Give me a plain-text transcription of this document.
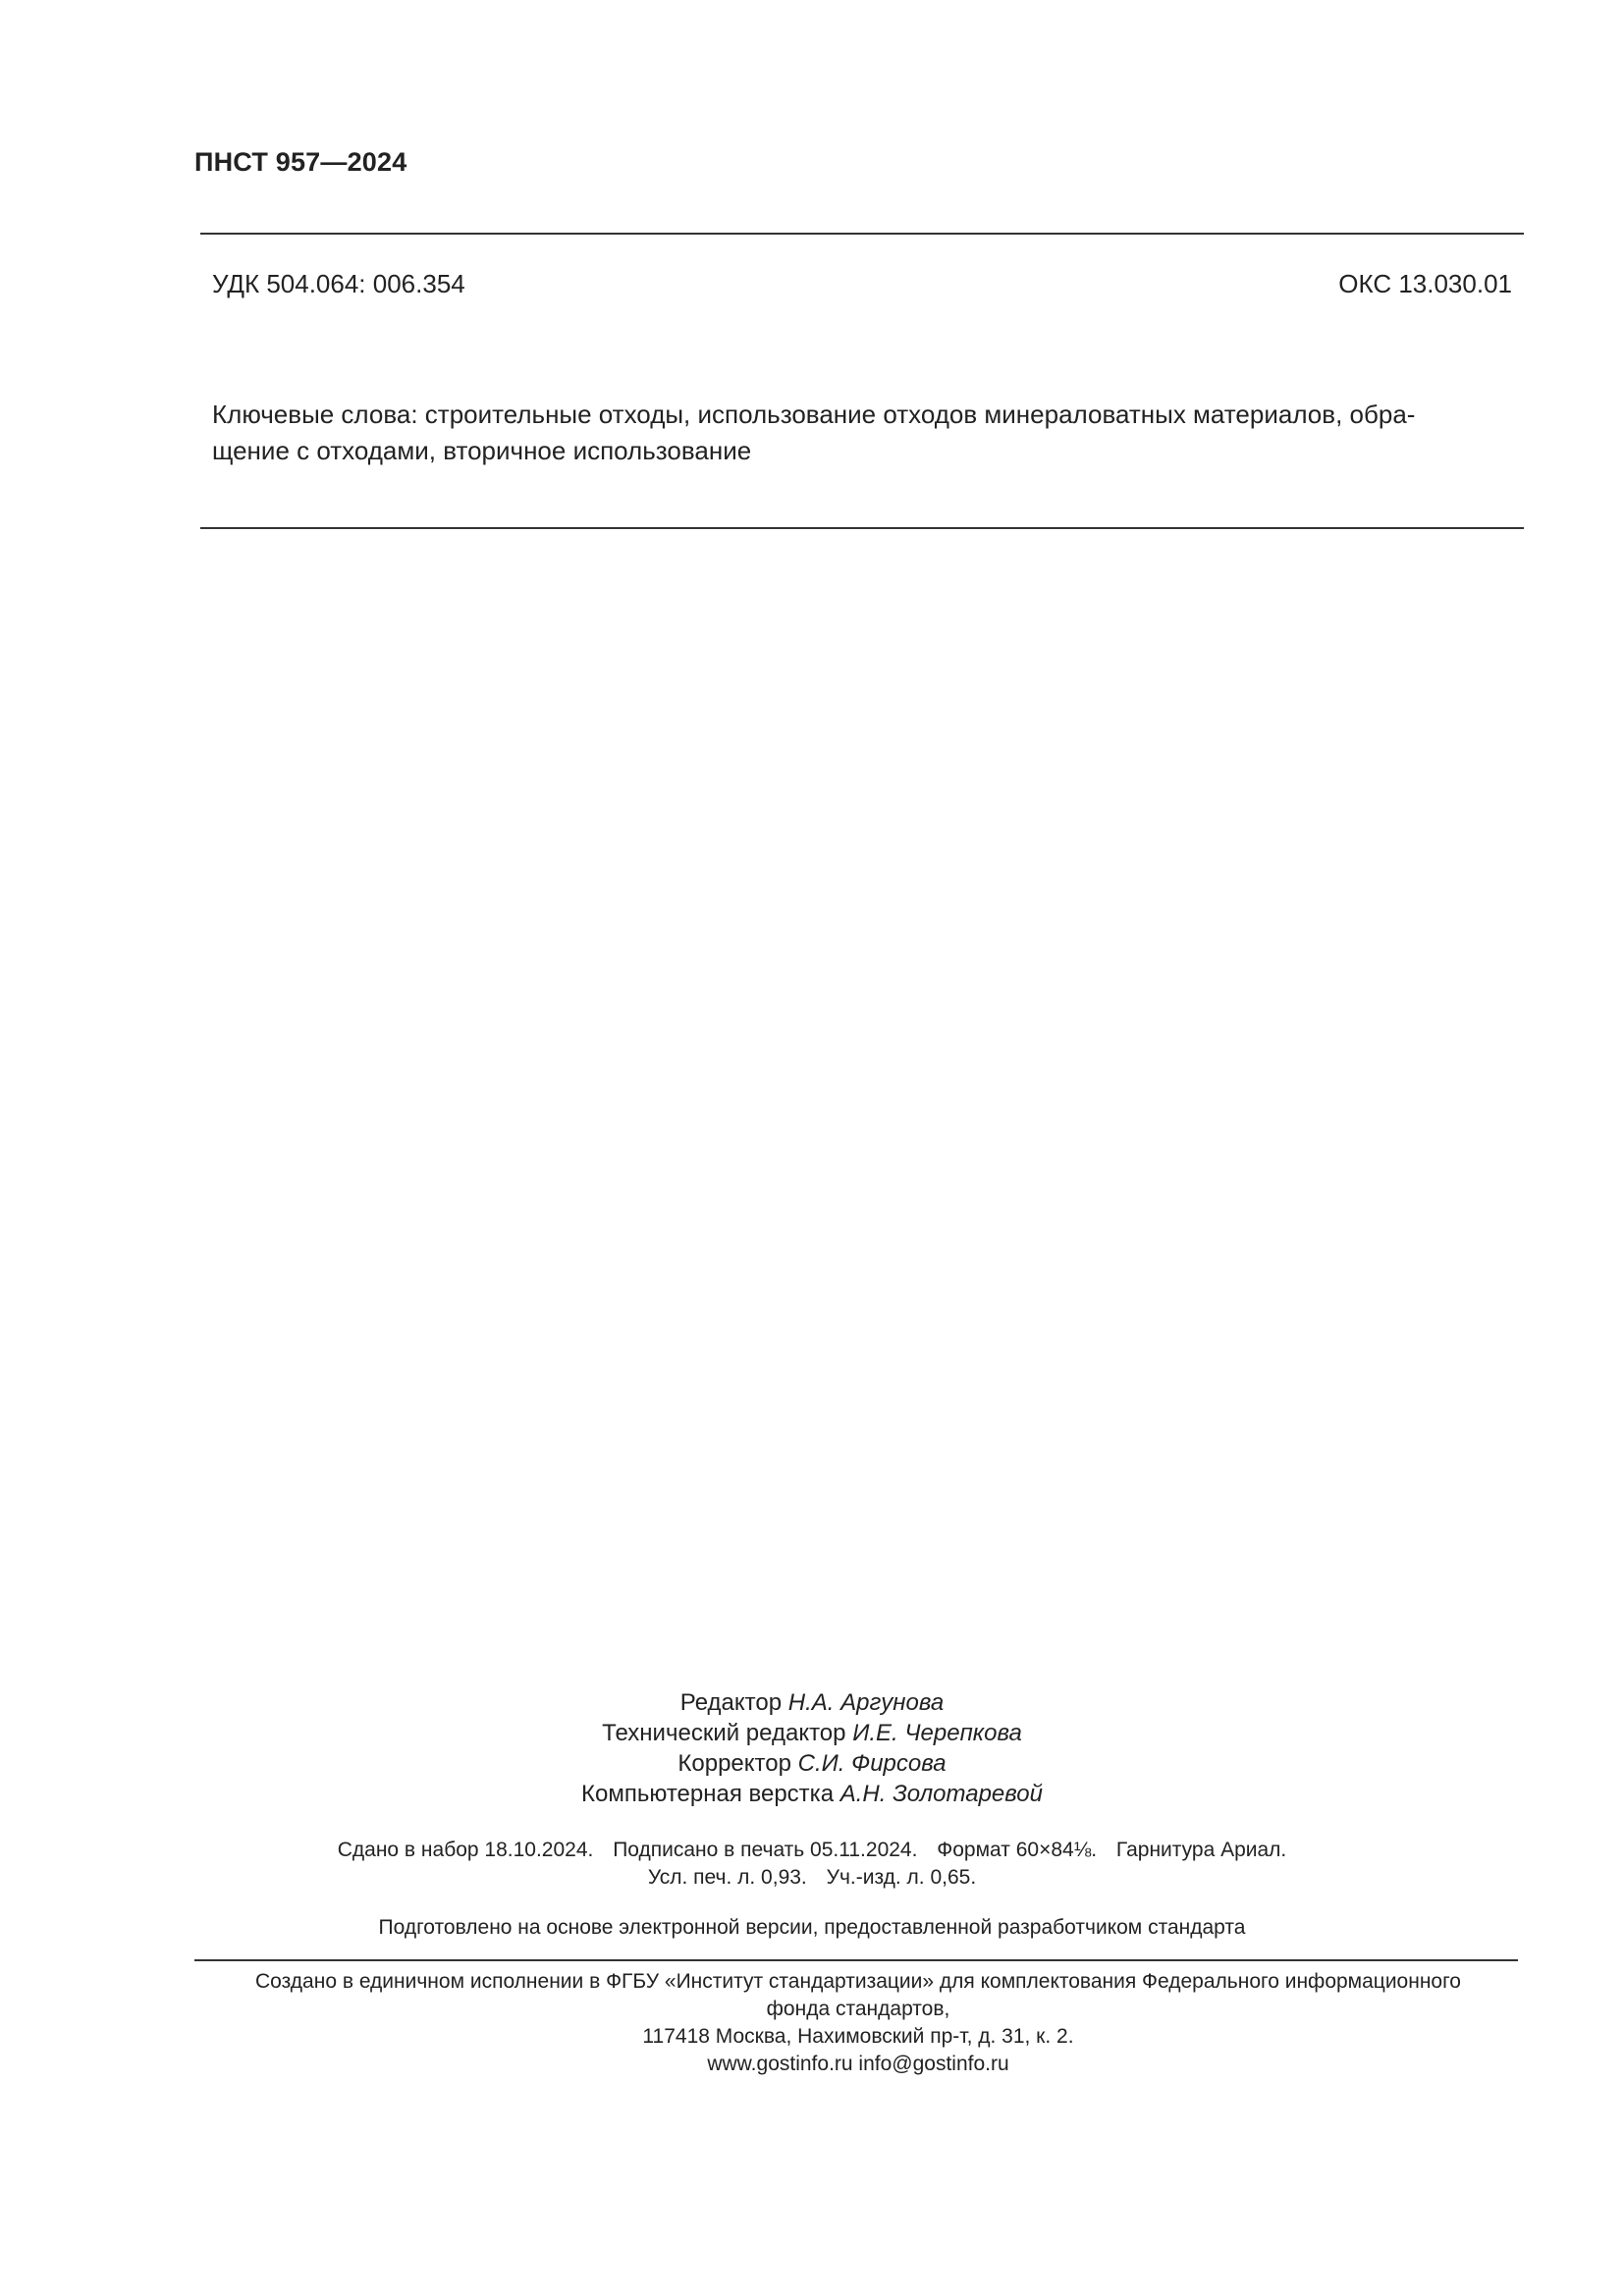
ПНСТ 957—2024
УДК 504.064: 006.354	ОКС 13.030.01
Ключевые слова: строительные отходы, использование отходов минераловатных материалов, обра-
щение с отходами, вторичное использование
Редактор Н.А. Аргунова
Технический редактор И.Е. Черепкова
Корректор С.И. Фирсова
Компьютерная верстка А.Н. Золотаревой
Сдано в набор 18.10.2024. Подписано в печать 05.11.2024. Формат 60×84⅛. Гарнитура Ариал.
Усл. печ. л. 0,93. Уч.-изд. л. 0,65.
Подготовлено на основе электронной версии, предоставленной разработчиком стандарта
Создано в единичном исполнении в ФГБУ «Институт стандартизации» для комплектования Федерального информационного
фонда стандартов,
117418 Москва, Нахимовский пр-т, д. 31, к. 2.
www.gostinfo.ru info@gostinfo.ru
